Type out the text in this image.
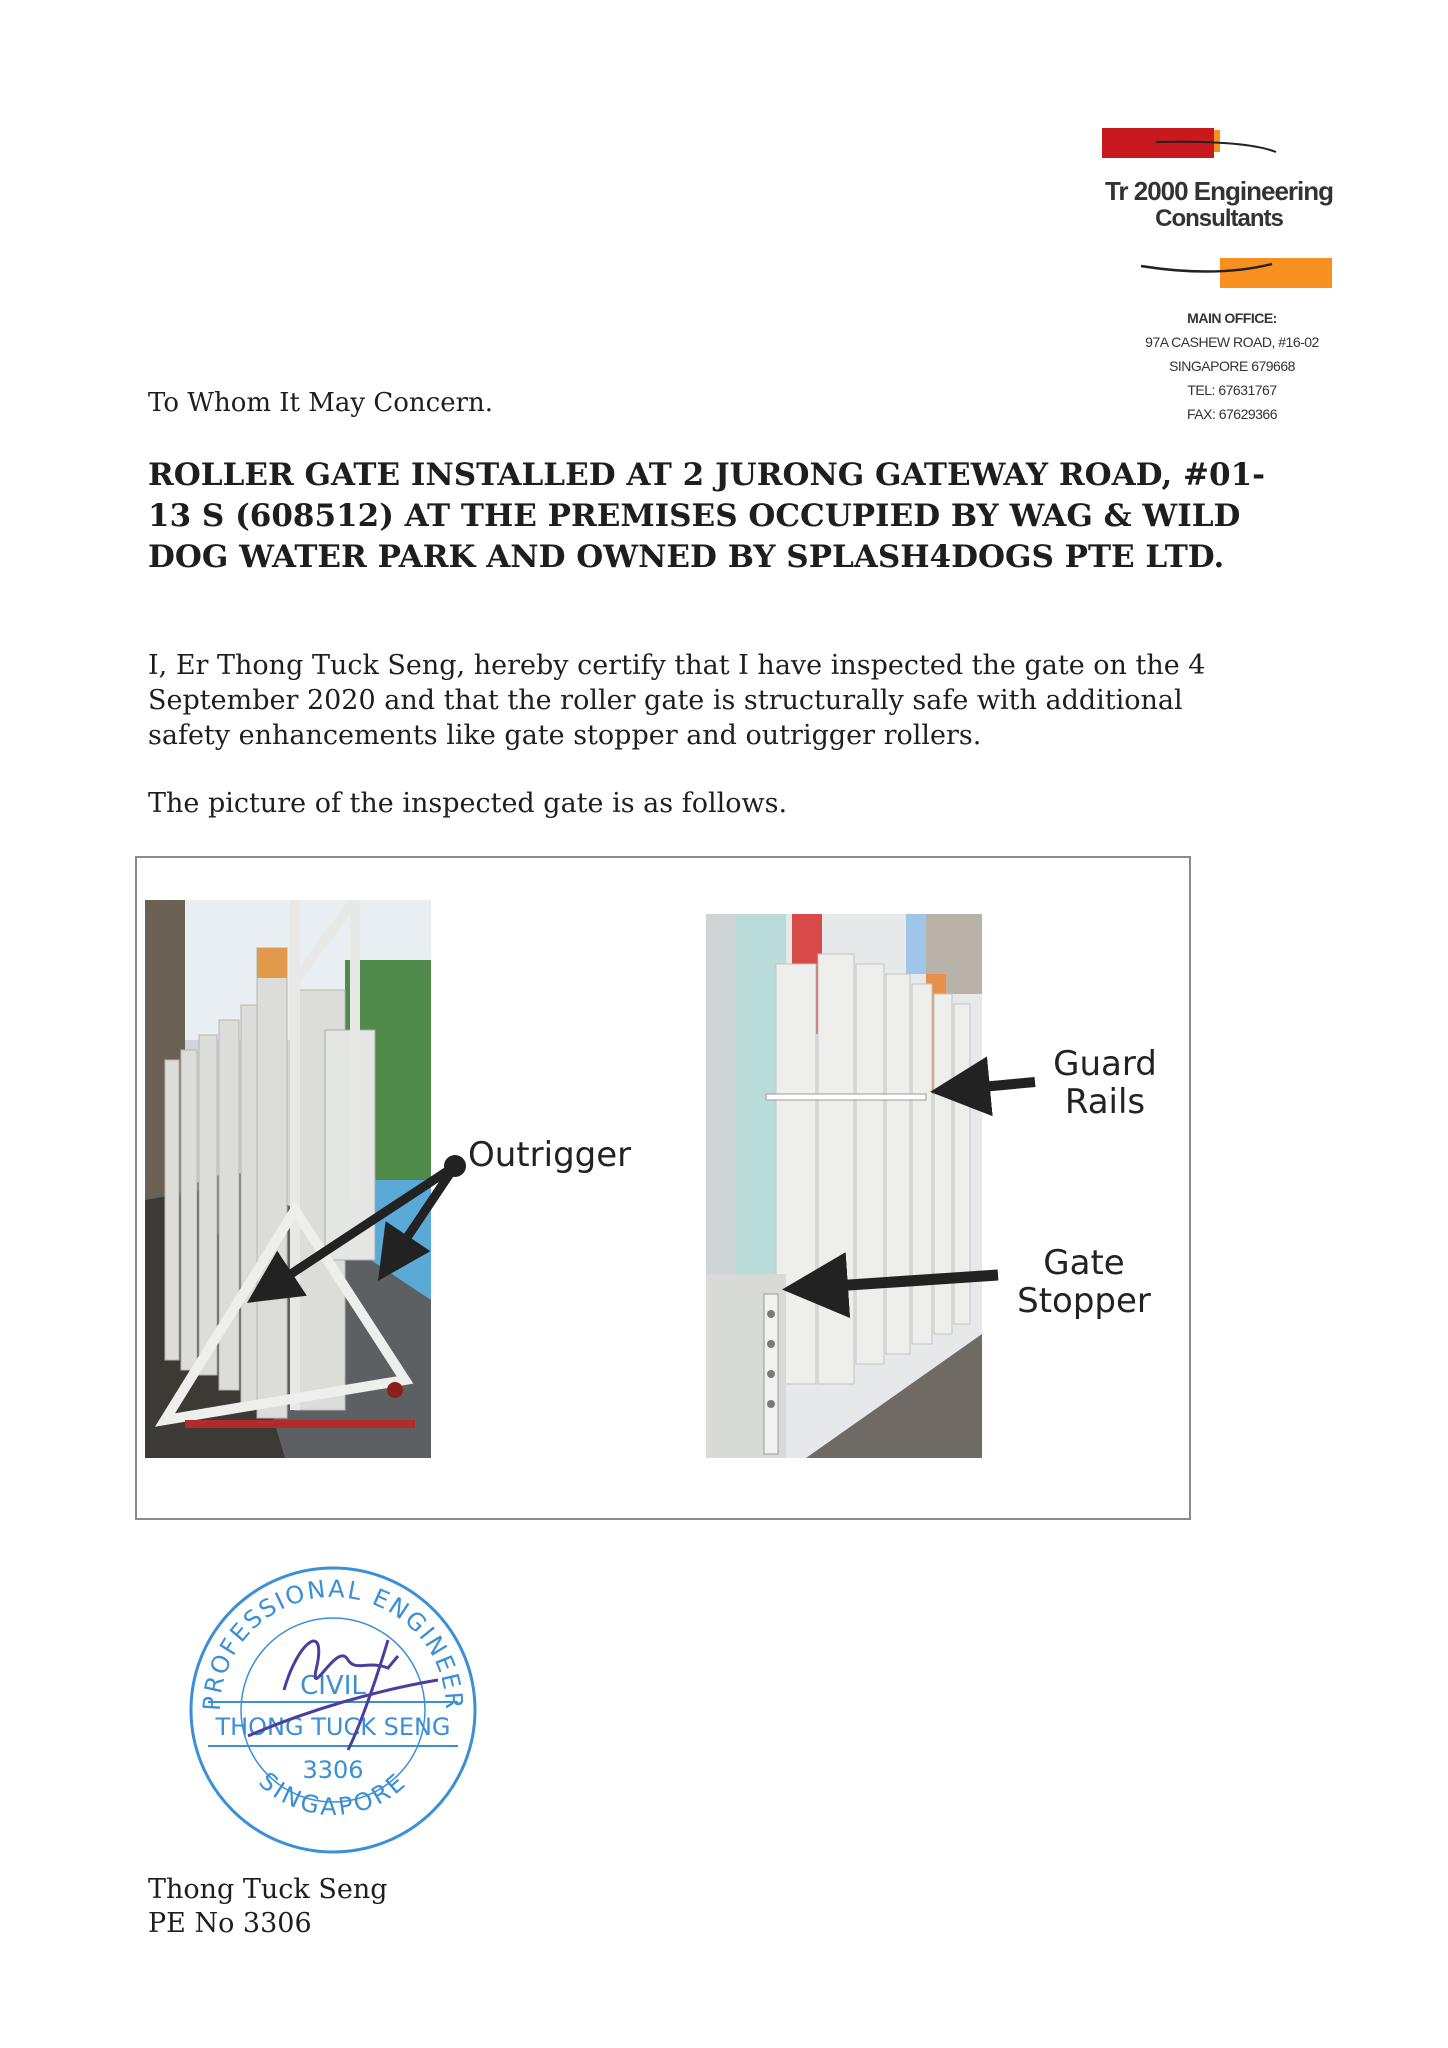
Tr 2000 Engineering
Consultants
MAIN OFFICE:
97A CASHEW ROAD, #16-02
SINGAPORE 679668
TEL: 67631767
FAX: 67629366
To Whom It May Concern.
ROLLER GATE INSTALLED AT 2 JURONG GATEWAY ROAD, #01-
13 S (608512) AT THE PREMISES OCCUPIED BY WAG & WILD
DOG WATER PARK AND OWNED BY SPLASH4DOGS PTE LTD.
I, Er Thong Tuck Seng, hereby certify that I have inspected the gate on the 4
September 2020 and that the roller gate is structurally safe with additional
safety enhancements like gate stopper and outrigger rollers.
The picture of the inspected gate is as follows.
Outrigger
Guard
Rails
Gate
Stopper
PROFESSIONAL ENGINEER
CIVIL
THONG TUCK SENG
3306
SINGAPORE
Thong Tuck Seng
PE No 3306
